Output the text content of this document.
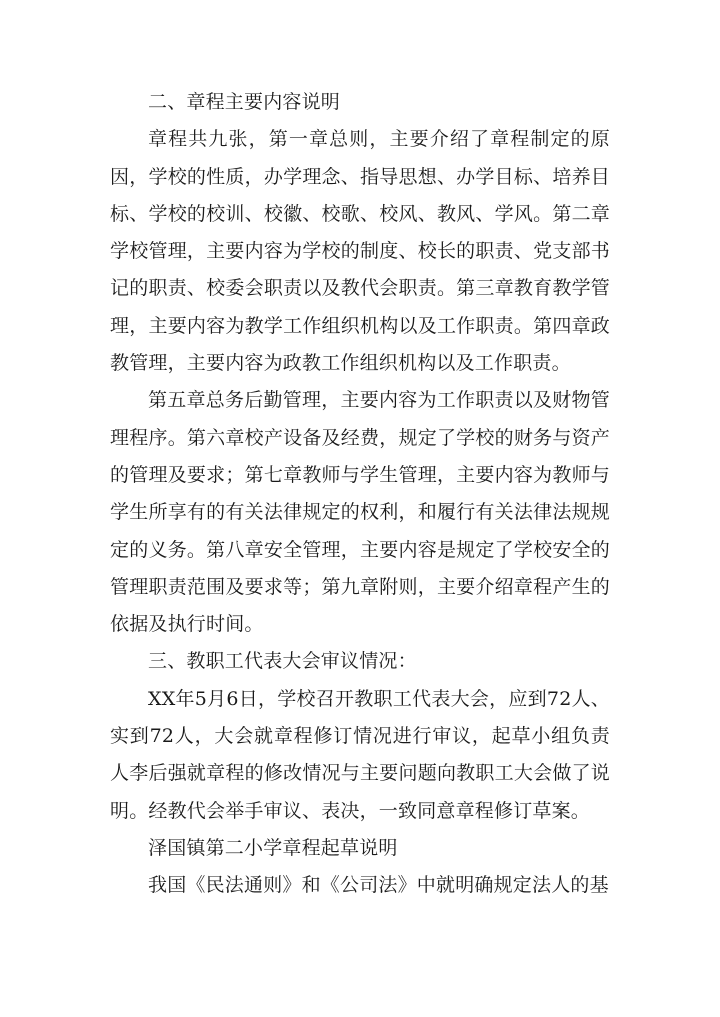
二、章程主要内容说明

章程共九张，第一章总则，主要介绍了章程制定的原因，学校的性质，办学理念、指导思想、办学目标、培养目标、学校的校训、校徽、校歌、校风、教风、学风。第二章学校管理，主要内容为学校的制度、校长的职责、党支部书记的职责、校委会职责以及教代会职责。第三章教育教学管理，主要内容为教学工作组织机构以及工作职责。第四章政教管理，主要内容为政教工作组织机构以及工作职责。

第五章总务后勤管理，主要内容为工作职责以及财物管理程序。第六章校产设备及经费，规定了学校的财务与资产的管理及要求；第七章教师与学生管理，主要内容为教师与学生所享有的有关法律规定的权利，和履行有关法律法规规定的义务。第八章安全管理，主要内容是规定了学校安全的管理职责范围及要求等；第九章附则，主要介绍章程产生的依据及执行时间。

三、教职工代表大会审议情况：

XX年5月6日，学校召开教职工代表大会，应到72人、实到72人，大会就章程修订情况进行审议，起草小组负责人李后强就章程的修改情况与主要问题向教职工大会做了说明。经教代会举手审议、表决，一致同意章程修订草案。

泽国镇第二小学章程起草说明

我国《民法通则》和《公司法》中就明确规定法人的基
